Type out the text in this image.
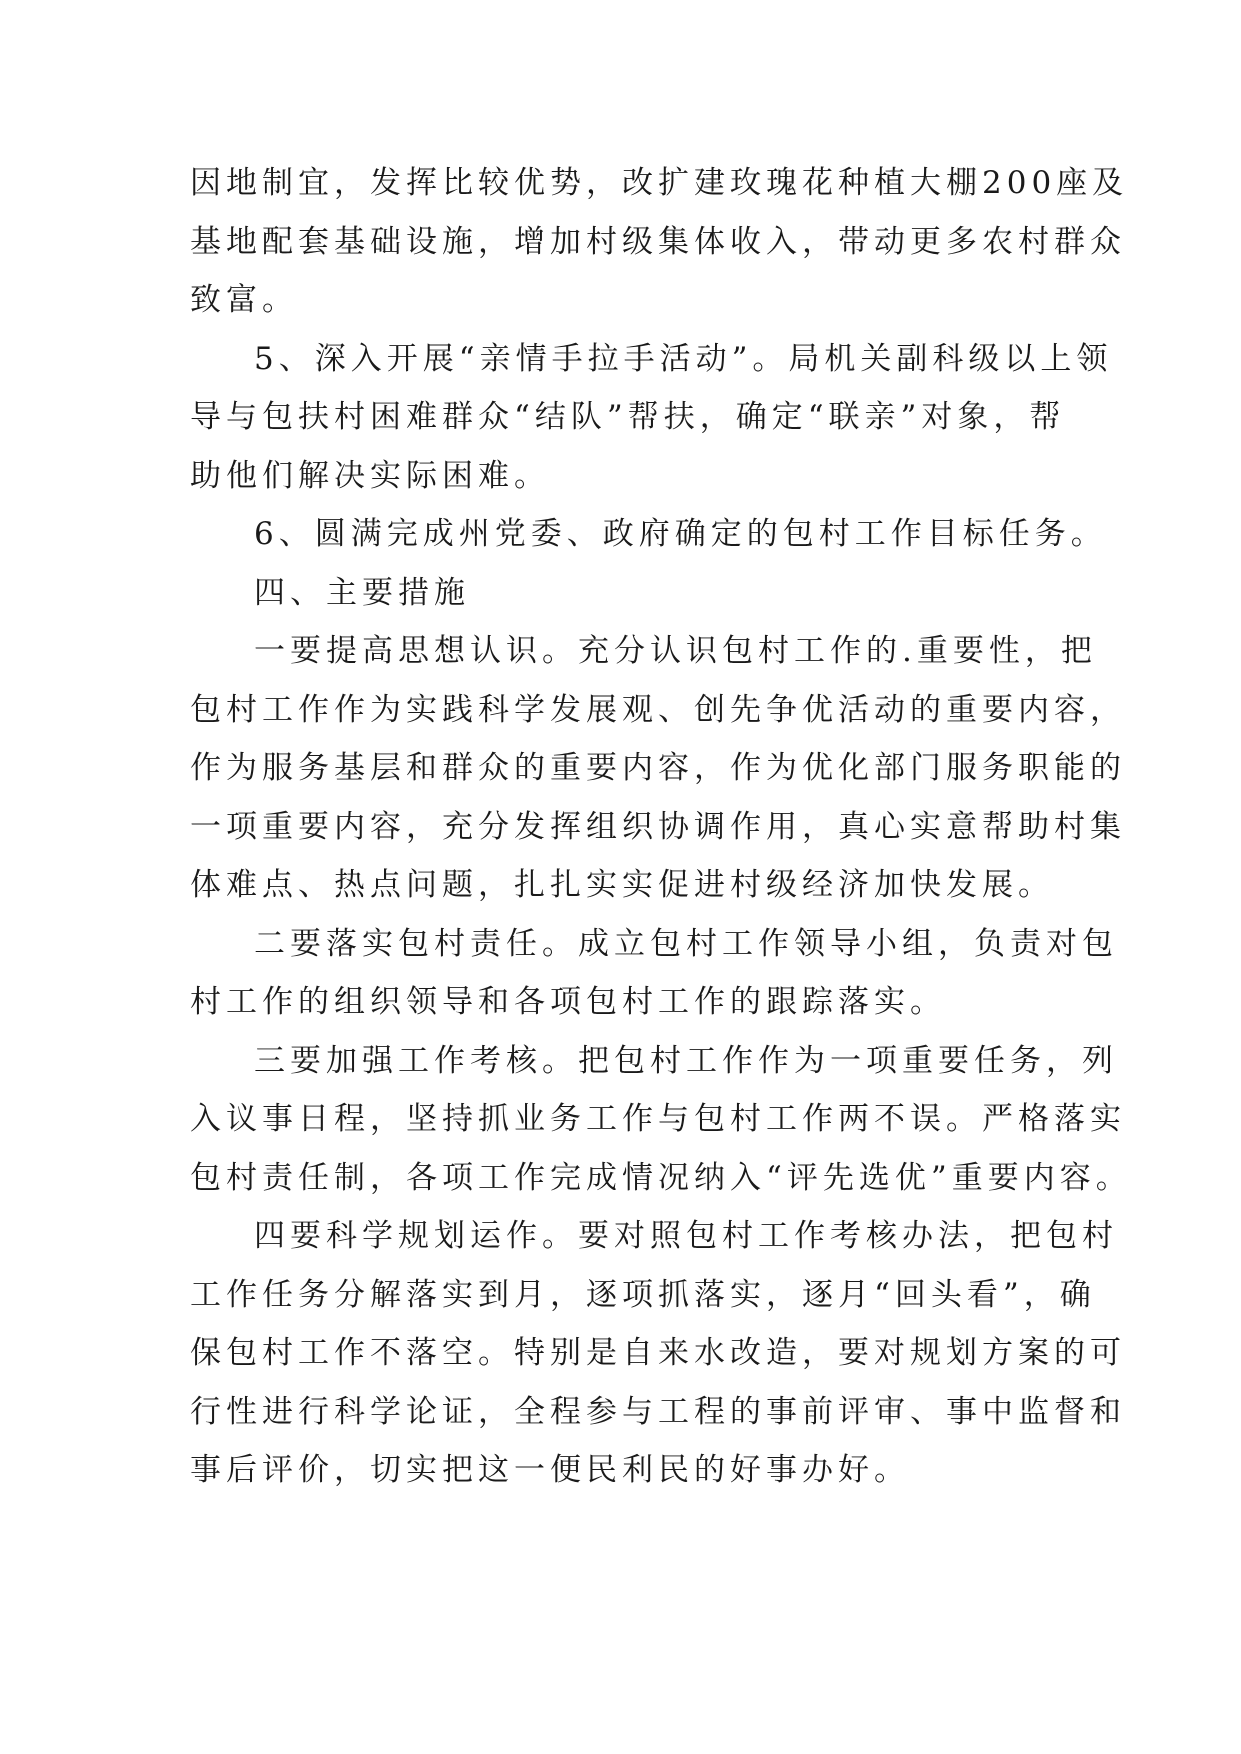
因地制宜，发挥比较优势，改扩建玫瑰花种植大棚200座及
基地配套基础设施，增加村级集体收入，带动更多农村群众
致富。

5、深入开展“亲情手拉手活动”。局机关副科级以上领
导与包扶村困难群众“结队”帮扶，确定“联亲”对象，帮
助他们解决实际困难。

6、圆满完成州党委、政府确定的包村工作目标任务。

四、主要措施

一要提高思想认识。充分认识包村工作的.重要性，把
包村工作作为实践科学发展观、创先争优活动的重要内容，
作为服务基层和群众的重要内容，作为优化部门服务职能的
一项重要内容，充分发挥组织协调作用，真心实意帮助村集
体难点、热点问题，扎扎实实促进村级经济加快发展。

二要落实包村责任。成立包村工作领导小组，负责对包
村工作的组织领导和各项包村工作的跟踪落实。

三要加强工作考核。把包村工作作为一项重要任务，列
入议事日程，坚持抓业务工作与包村工作两不误。严格落实
包村责任制，各项工作完成情况纳入“评先选优”重要内容。

四要科学规划运作。要对照包村工作考核办法，把包村
工作任务分解落实到月，逐项抓落实，逐月“回头看”，确
保包村工作不落空。特别是自来水改造，要对规划方案的可
行性进行科学论证，全程参与工程的事前评审、事中监督和
事后评价，切实把这一便民利民的好事办好。
